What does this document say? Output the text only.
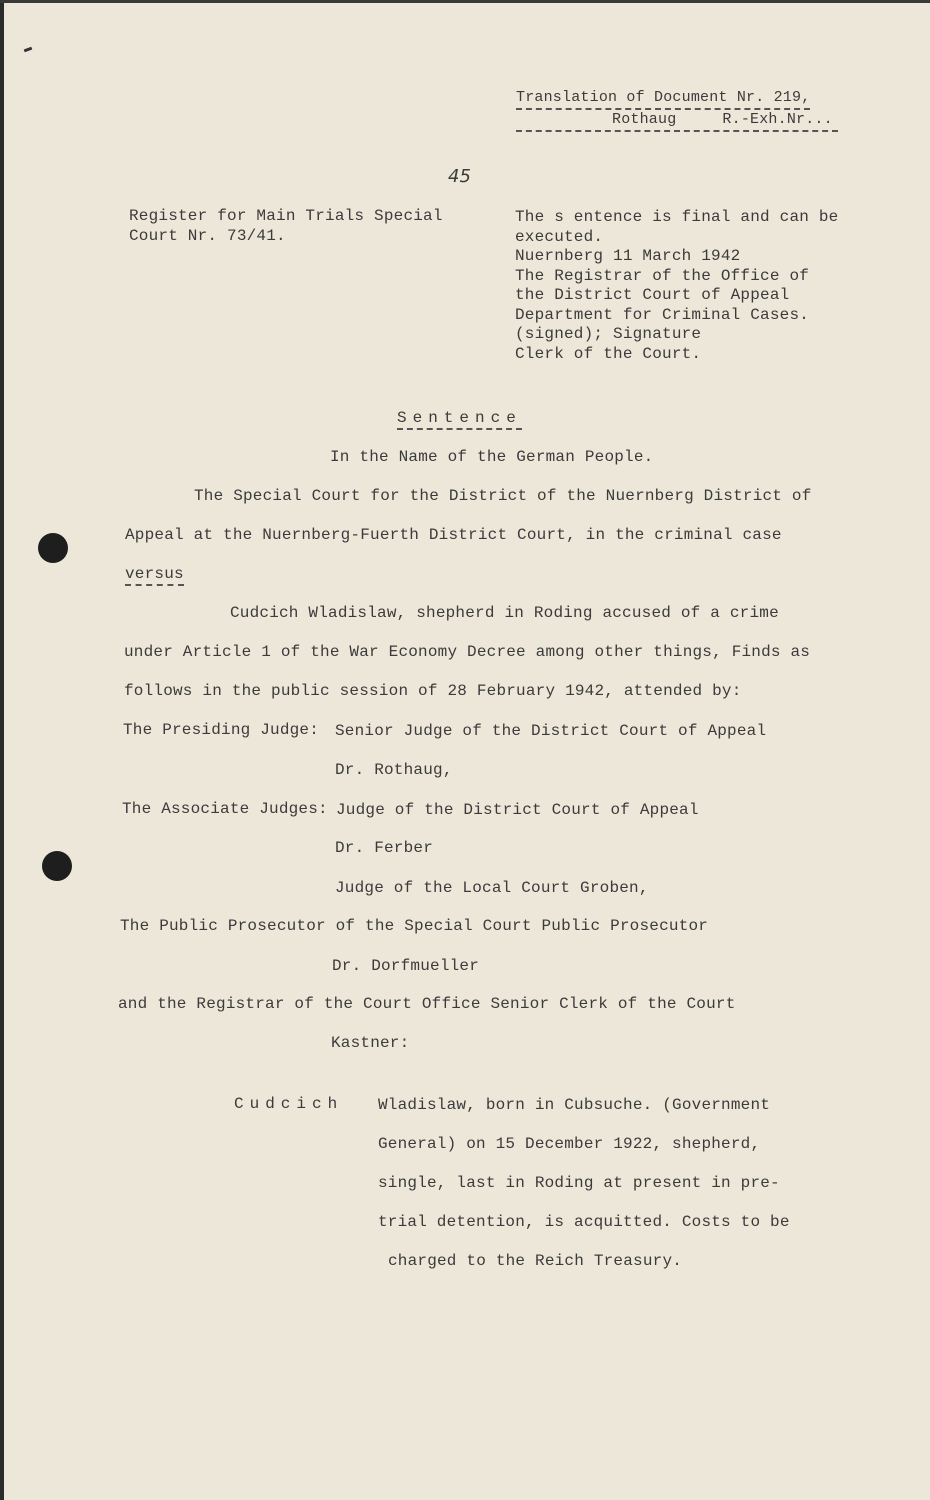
Translation of Document Nr. 219,
Rothaug     R.-Exh.Nr...
45
Register for Main Trials Special
Court Nr. 73/41.
The s entence is final and can be
executed.
Nuernberg 11 March 1942
The Registrar of the Office of
the District Court of Appeal
Department for Criminal Cases.
(signed); Signature
Clerk of the Court.
Sentence
In the Name of the German People.
The Special Court for the District of the Nuernberg District of
Appeal at the Nuernberg-Fuerth District Court, in the criminal case
versus
Cudcich Wladislaw, shepherd in Roding accused of a crime
under Article 1 of the War Economy Decree among other things, Finds as
follows in the public session of 28 February 1942, attended by:
The Presiding Judge: Senior Judge of the District Court of Appeal
Dr. Rothaug,
The Associate Judges: Judge of the District Court of Appeal
Dr. Ferber
Judge of the Local Court Groben,
The Public Prosecutor of the Special Court Public Prosecutor
Dr. Dorfmueller
and the Registrar of the Court Office Senior Clerk of the Court
Kastner:
Cudcich Wladislaw, born in Cubsuche. (Government
General) on 15 December 1922, shepherd,
single, last in Roding at present in pre-
trial detention, is acquitted. Costs to be
charged to the Reich Treasury.
